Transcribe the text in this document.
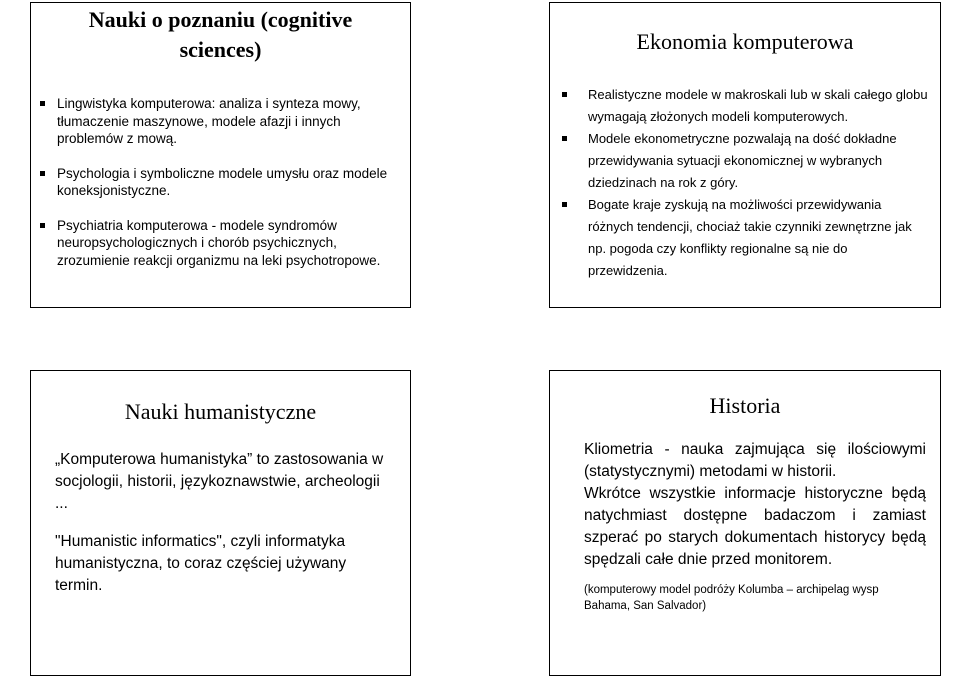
Nauki o poznaniu (cognitive sciences)
Lingwistyka komputerowa: analiza i synteza mowy, tłumaczenie maszynowe, modele afazji i innych problemów z mową.
Psychologia i symboliczne modele umysłu oraz modele koneksjonistyczne.
Psychiatria komputerowa - modele syndromów neuropsychologicznych i chorób psychicznych, zrozumienie reakcji organizmu na leki psychotropowe.
Ekonomia komputerowa
Realistyczne modele w makroskali lub w skali całego globu wymagają złożonych modeli komputerowych.
Modele ekonometryczne pozwalają na dość dokładne przewidywania sytuacji ekonomicznej w wybranych dziedzinach na rok z góry.
Bogate kraje zyskują na możliwości przewidywania różnych tendencji, chociaż takie czynniki zewnętrzne jak np. pogoda czy konflikty regionalne są nie do przewidzenia.
Nauki humanistyczne

„Komputerowa humanistyka” to zastosowania w socjologii, historii, językoznawstwie, archeologii ...

"Humanistic informatics", czyli informatyka humanistyczna, to coraz częściej używany termin.

Historia

Kliometria - nauka zajmująca się ilościowymi (statystycznymi) metodami w historii.

Wkrótce wszystkie informacje historyczne będą natychmiast dostępne badaczom i zamiast szperać po starych dokumentach historycy będą spędzali całe dnie przed monitorem.

(komputerowy model podróży Kolumba – archipelag wysp Bahama, San Salvador)
